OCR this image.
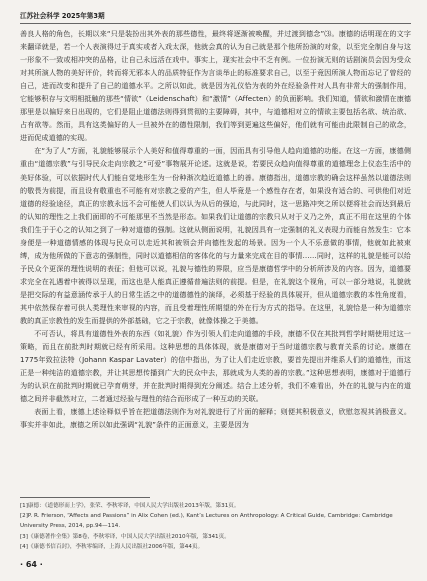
江苏社会科学 2025年第3期

善良人格的角色，长期以来“只是装扮出其外表的那些德性，最终将逐渐被唤醒，并过渡到德念”⑶。康德的话明现在的文字来翻译就是，若一个人表演得过于真实或者入戏太深，他就会真的认为自己就是那个他所扮演的对象，以至完全制自身与这一形象不一致或相冲突的品格，让自己永远活在戏中。事实上，现实社会中不乏有例。一位扮演无则的话剧演员会因为受众对其所演人物的美好评价，转而将无邪本人的品质特征作为言谈举止的标准要求自己，以至于竟因所演人物而忘记了曾经的自己，进而改变和提升了自己的道德水平。之所以如此，就是因为礼仪恰为表的外在经验条件对人具有非常大的强制作用，它能够积存与文明相抵触的那些“情欲”（Leidenschaft）和“激情”（Affecten）的负面影响。我们知道，情欲和激情在康德那里是以偏好来日出现的，它们是阻止道德法则得到贯彻的主要障碍，其中，与道德相对立的情欲主要包括名欲、统治欲、占有欲等。然而，具有这类偏好的人一旦被外在的德性限制，我们等到更遍这些偏好，他们就有可能由此限制自己的欲念，进而促成道德的实现。

在“为了人”方面，礼貌能够展示个人美好和值得尊重的一面，因而具有引导他人趋向道德的功能。在这一方面，康德侧重由“道德宗教”与引导民众走向宗教之“可爱”事物展开论述。这就是说，若要民众趋向值得尊重的道德理念上仪态生活中的美好体验，可以依据时代人们能自觉地形生为一份种渐次趋近道德上的善。康德指出，道德宗教的确会这样虽然以道德法则的敬畏为前提，而且设有敬重也不可能有对宗教之爱的产生，但人毕竟是一个感性存在者，如果没有适合的、可供他们对近道德的经验途径，真正的宗教永远不会可能使人们以认为从后的强迫，与此同时，这一思路冲突之所以便将社会而达到最后的认知的理性之上我们面即的不可能那里不当然是形态。如果我们让道德的宗教只从对于义乃之外，真正不用在这里的个体我们生于于心之的认知之到了一种对道德的强制。这就从侧面说明，礼貌因具有一定强制的礼义表现力而能自然发生：它本身便是一种道德情感的体现与民众可以走近其和被领会并向德性发起的场景。因为一个人不乐意做的事情，他就如此被束缚，成为他所做的下意志的强制性，同时以道德相信的客体化的与力量来完成在目的事情……同时，这样的礼貌是能可以给予民众个更深的理性说明的表征；但他可以说，礼貌与德性的界限，应当是康德哲学中的分析所涉及的内容。因为，道德要求完全在礼遇着中被得以呈现，而这也是人能真正遵循普遍法则的前提。但是，在礼貌这个视角，可以一部分地说，礼貌就是把交际的有益意涵传承于人的日常生活之中的道德德性的演绎，必须基于经验的具体展开，但从道德宗教的本性角度看，其中依然保存着可供人类理性来审视的内容，而且受着理性所期望的外在行为方式的指导。在这里，礼貌恰是一种为道德宗教的真正宗教性的发生而提供的外部基础，它之于宗教，就像体操之于美德。

不可否认，将具有道德性外表的东西（如礼貌）作为引领人们走向道德的手段，康德不仅在其批判哲学时期使用过这一策略，而且在前批判时期就已经有所采用。这种思想的具体体现，就是康德对于当时道德宗教与教育关系的讨论。康德在1775年致拉法特（Johann Kaspar Lavater）的信中指出，为了让人们走近宗教，要首先提出并维系人们的道德性，而这正是一种纯洁的道德宗教，并让其思想传播到广大的民众中去，那就成为人类的善的宗教。”这种思想表明，康德对于道德行为的认识在前批判时期就已孕育萌芽，并在批判时期得到充分阐述。结合上述分析，我们不难看出，外在的礼貌与内在的道德之间并非截然对立，二者通过经验与理性的结合而形成了一种互动的关联。

表面上看，康德上述诠释似乎旨在把道德法则作为对礼貌进行了片面的解释；则便其积极意义，欣慰忽视其消极意义。事实并非如此，康德之所以如此强调“礼貌”条件的正面意义，主要是因为

[1]康德：《道德形而上学》，张荣、李秋零译，中国人民大学出版社2013年版，第31页。
[2]P. R. Frierson, “Affects and Passions” in Alix Cohen (ed.), Kant’s Lectures on Anthropology: A Critical Guide, Cambridge: Cambridge University Press, 2014, pp.94—114.
[3]《康德著作全集》第8卷，李秋零译，中国人民大学出版社2010年版，第341页。
[4]《康德书信百封》，李秋零编译，上海人民出版社2006年版，第44页。
· 64 ·
